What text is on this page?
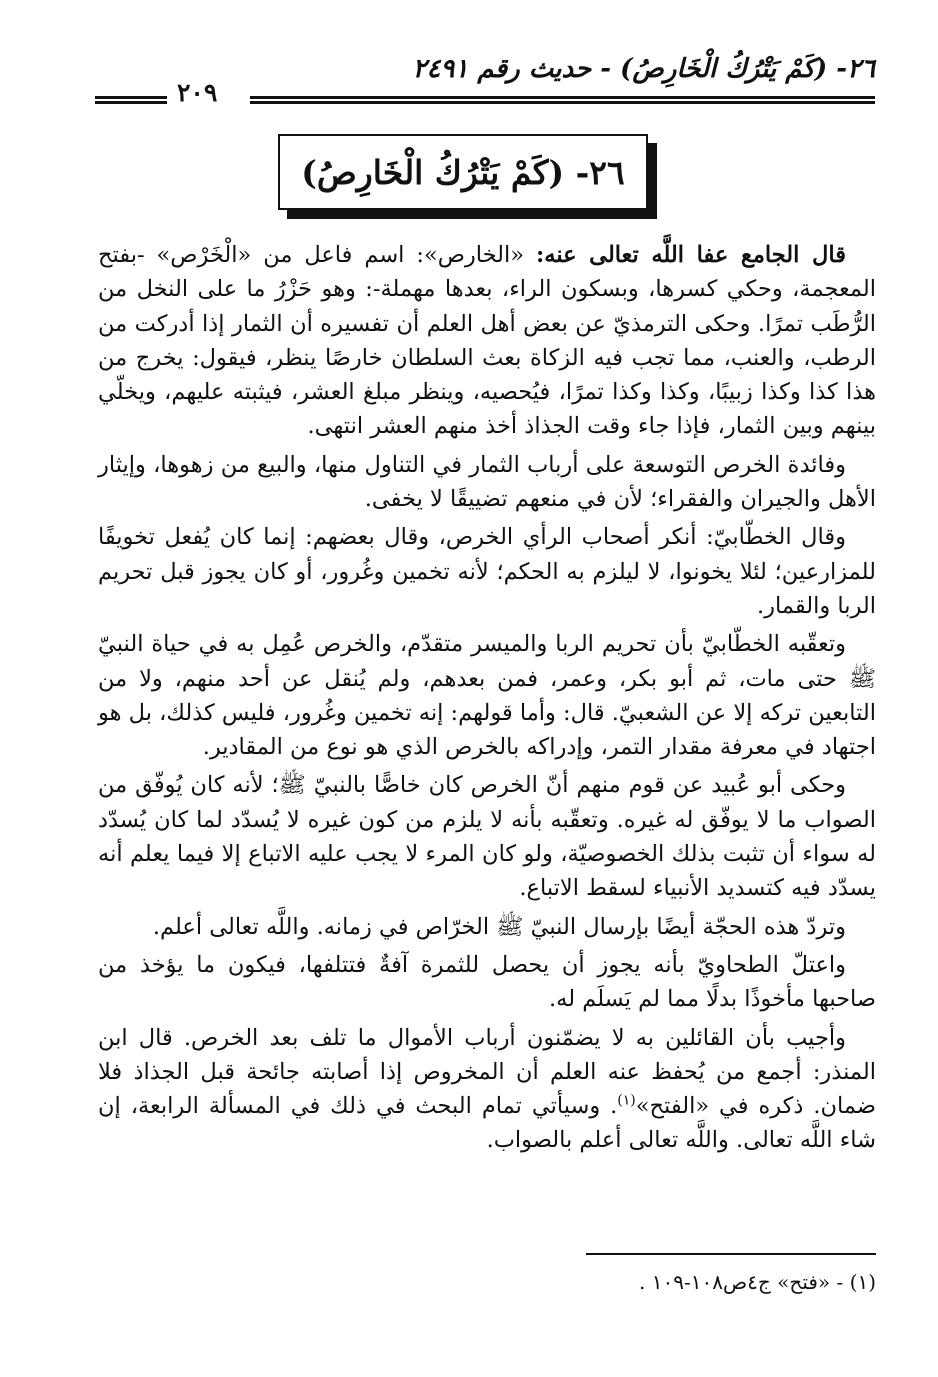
٢٦- (كَمْ يَتْرُكُ الْخَارِصُ) - حديث رقم ٢٤٩١
٢٠٩
٢٦- (كَمْ يَتْرُكُ الْخَارِصُ)

قال الجامع عفا اللَّه تعالى عنه: «الخارص»: اسم فاعل من «الْخَرْص» -بفتح المعجمة، وحكي كسرها، وبسكون الراء، بعدها مهملة-: وهو حَزْرُ ما على النخل من الرُّطَب تمرًا. وحكى الترمذيّ عن بعض أهل العلم أن تفسيره أن الثمار إذا أدركت من الرطب، والعنب، مما تجب فيه الزكاة بعث السلطان خارصًا ينظر، فيقول: يخرج من هذا كذا وكذا زبيبًا، وكذا وكذا تمرًا، فيُحصيه، وينظر مبلغ العشر، فيثبته عليهم، ويخلّي بينهم وبين الثمار، فإذا جاء وقت الجذاذ أخذ منهم العشر انتهى.

وفائدة الخرص التوسعة على أرباب الثمار في التناول منها، والبيع من زهوها، وإيثار الأهل والجيران والفقراء؛ لأن في منعهم تضييقًا لا يخفى.

وقال الخطّابيّ: أنكر أصحاب الرأي الخرص، وقال بعضهم: إنما كان يُفعل تخويفًا للمزارعين؛ لئلا يخونوا، لا ليلزم به الحكم؛ لأنه تخمين وغُرور، أو كان يجوز قبل تحريم الربا والقمار.

وتعقّبه الخطّابيّ بأن تحريم الربا والميسر متقدّم، والخرص عُمِل به في حياة النبيّ ﷺ حتى مات، ثم أبو بكر، وعمر، فمن بعدهم، ولم يُنقل عن أحد منهم، ولا من التابعين تركه إلا عن الشعبيّ. قال: وأما قولهم: إنه تخمين وغُرور، فليس كذلك، بل هو اجتهاد في معرفة مقدار التمر، وإدراكه بالخرص الذي هو نوع من المقادير.

وحكى أبو عُبيد عن قوم منهم أنّ الخرص كان خاصًّا بالنبيّ ﷺ؛ لأنه كان يُوفّق من الصواب ما لا يوفّق له غيره. وتعقّبه بأنه لا يلزم من كون غيره لا يُسدّد لما كان يُسدّد له سواء أن تثبت بذلك الخصوصيّة، ولو كان المرء لا يجب عليه الاتباع إلا فيما يعلم أنه يسدّد فيه كتسديد الأنبياء لسقط الاتباع.

وتردّ هذه الحجّة أيضًا بإرسال النبيّ ﷺ الخرّاص في زمانه. واللَّه تعالى أعلم.

واعتلّ الطحاويّ بأنه يجوز أن يحصل للثمرة آفةٌ فتتلفها، فيكون ما يؤخذ من صاحبها مأخوذًا بدلًا مما لم يَسلَم له.

وأجيب بأن القائلين به لا يضمّنون أرباب الأموال ما تلف بعد الخرص. قال ابن المنذر: أجمع من يُحفظ عنه العلم أن المخروص إذا أصابته جائحة قبل الجذاذ فلا ضمان. ذكره في «الفتح»$^{(١)}$. وسيأتي تمام البحث في ذلك في المسألة الرابعة، إن شاء اللَّه تعالى. واللَّه تعالى أعلم بالصواب.

(١) - «فتح» ج٤ص١٠٨-١٠٩ .
